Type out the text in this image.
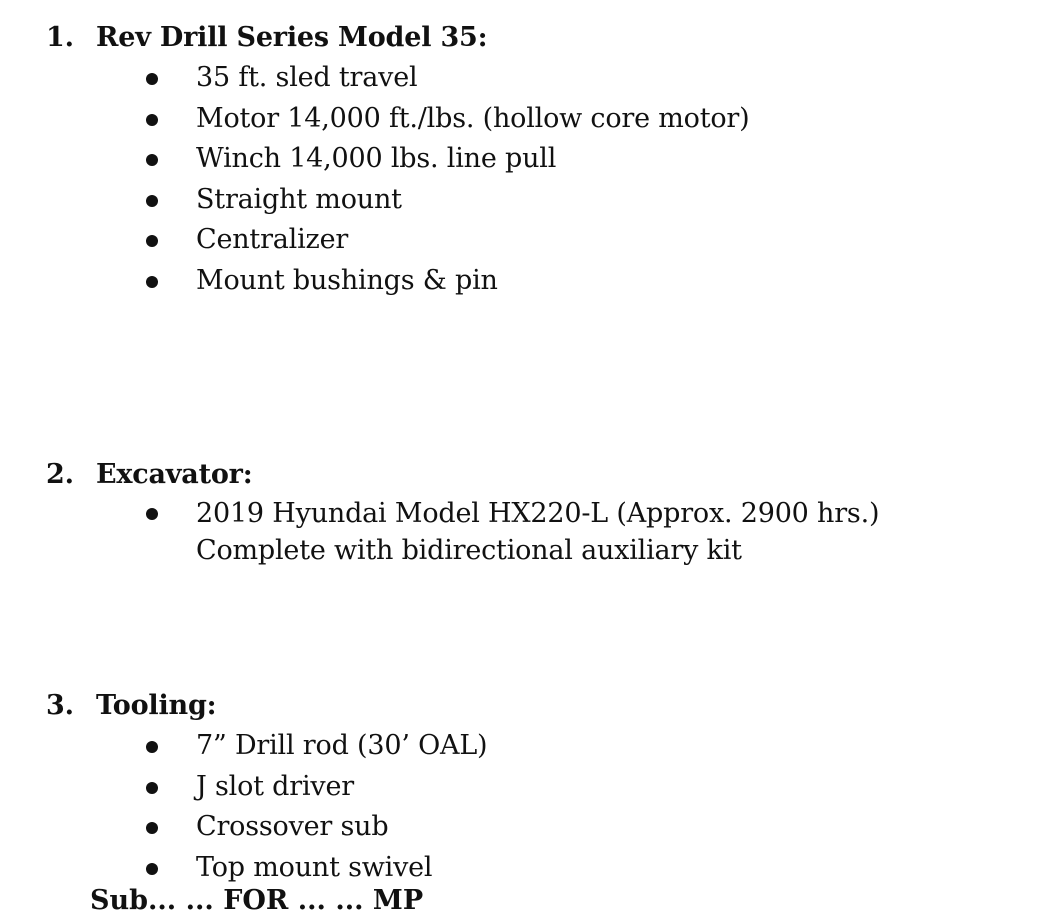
1. Rev Drill Series Model 35:
35 ft. sled travel
Motor 14,000 ft./lbs. (hollow core motor)
Winch 14,000 lbs. line pull
Straight mount
Centralizer
Mount bushings & pin
2. Excavator:
2019 Hyundai Model HX220-L (Approx. 2900 hrs.)
Complete with bidirectional auxiliary kit
3. Tooling:
7” Drill rod (30’ OAL)
J slot driver
Crossover sub
Top mount swivel
Sub... ... FOR ... ... MP
